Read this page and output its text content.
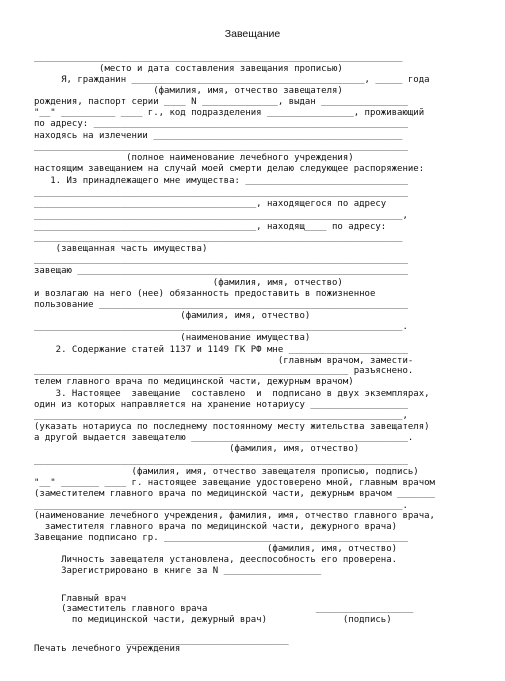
Завещание
____________________________________________________________________
(место и дата составления завещания прописью)
Я, гражданин ___________________________________________, _____ года
(фамилия, имя, отчество завещателя)
рождения, паспорт серии ____ N ______________, выдан ________________
"__" __________ ____ г., код подразделения ________________, проживающий
по адресу: __________________________________________________________
находясь на излечении ______________________________________________
_____________________________________________________________________
(полное наименование лечебного учреждения)
настоящим завещанием на случай моей смерти делаю следующее распоряжение:
1. Из принадлежащего мне имущества: ______________________________
_____________________________________________________________________
_________________________________________, находящегося по адресу
____________________________________________________________________,
_________________________________________, находящ____ по адресу:
____________________________________________________________________
(завещанная часть имущества)
_____________________________________________________________________
завещаю _____________________________________________________________
(фамилия, имя, отчество)
и возлагаю на него (нее) обязанность предоставить в пожизненное
пользование _________________________________________________________
(фамилия, имя, отчество)
____________________________________________________________________.
(наименование имущества)
2. Содержание статей 1137 и 1149 ГК РФ мне ______________________
(главным врачом, замести-
__________________________________________________________ разъяснено.
телем главного врача по медицинской части, дежурным врачом)
3. Настоящее  завещание  составлено  и  подписано в двух экземплярах,
один из которых направляется на хранение нотариусу __________________
____________________________________________________________________,
(указать нотариуса по последнему постоянному месту жительства завещателя)
а другой выдается завещателю ________________________________________.
(фамилия, имя, отчество)
_____________________________________________________________________
(фамилия, имя, отчество завещателя прописью, подпись)
"__" _______ ____ г. настоящее завещание удостоверено мной, главным врачом
(заместителем главного врача по медицинской части, дежурным врачом _______
____________________________________________________________________.
(наименование лечебного учреждения, фамилия, имя, отчество главного врача,
заместителя главного врача по медицинской части, дежурного врача)
Завещание подписано гр. _____________________________________________
(фамилия, имя, отчество)
Личность завещателя установлена, дееспособность его проверена.
Зарегистрировано в книге за N __________________
Главный врач
(заместитель главного врача                    __________________
по медицинской части, дежурный врач)              (подпись)
Печать лечебного учреждения
______________________________
